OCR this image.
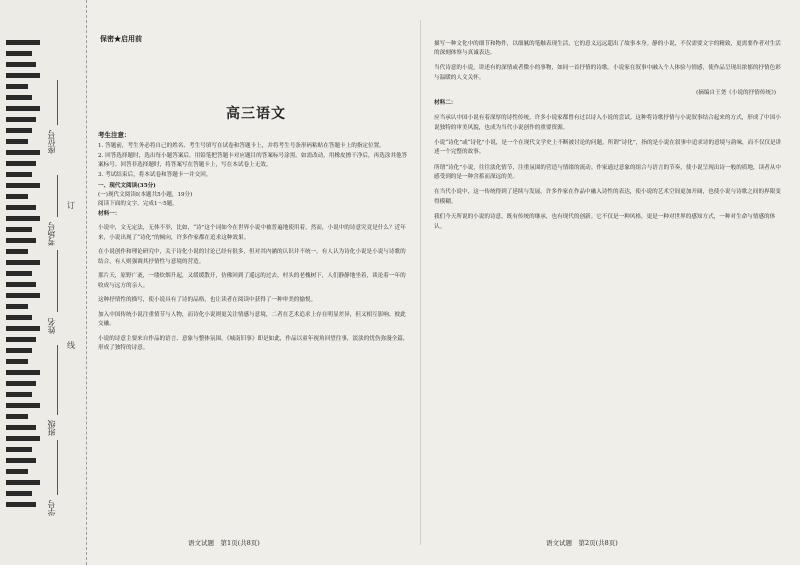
学号
班级
姓名
考场号
座位号
订
线
保密★启用前
高三语文
考生注意：
1. 答题前，考生务必将自己的姓名、考生号填写在试卷和答题卡上，并将考生号条形码粘贴在答题卡上的指定位置。
2. 回答选择题时，选出每小题答案后，用铅笔把答题卡对应题目的答案标号涂黑。如需改动，用橡皮擦干净后，再选涂其他答案标号。回答非选择题时，将答案写在答题卡上，写在本试卷上无效。
3. 考试结束后，将本试卷和答题卡一并交回。
一、现代文阅读(35分)
(一)现代文阅读Ⅰ(本题共5小题，19分)
阅读下面的文字，完成1～5题。
材料一：

小说中，文无定法，无体不举，比如，“诗”这个词如今在世界小说中被普遍地使用着，然而，小说中的诗意究竟是什么？近年来，小说出现了“诗化”的倾向，许多作家都在追求这种效果。

在小说创作和理论研究中，关于诗化小说的讨论已经有很多，但对其内涵的认识并不统一，有人认为诗化小说是小说与诗歌的结合，有人则强调其抒情性与意境的营造。

那片天，原野广袤，一缕炊烟升起，又缓缓散开，仿佛回到了遥远的过去。村头的老槐树下，人们静静地坐着，谈论着一年的收成与远方的亲人。

这种抒情性的描写，使小说具有了诗的品格，也让读者在阅读中获得了一种审美的愉悦。

加入中国传统小说注重情节与人物，而诗化小说则更关注情感与意境，二者在艺术追求上存在明显差异，但又相互影响、彼此交融。

小说的诗意主要来自作品的语言、意象与整体氛围。《城南旧事》即是如此，作品以童年视角回望往事，淡淡的忧伤弥漫全篇，形成了独特的诗意。

描写一种文化中的细节和物件，以细腻的笔触表现生活，它的意义远远超出了故事本身。静的小说，不仅需要文字的精致，更需要作者对生活的深刻体察与真诚表达。

当代诗意的小说，讲述有的深情或者微小的事物，如同一首抒情的诗歌。小说家在叙事中融入个人体验与情感，使作品呈现出浓郁的抒情色彩与温暖的人文关怀。

(摘编自王尧《小说的抒情传统》)
材料二：

应当承认中国小说有着深厚的诗性传统，许多小说家都曾有过以诗入小说的尝试。这种将诗歌抒情与小说叙事结合起来的方式，形成了中国小说独特的审美风貌，也成为当代小说创作的重要资源。

小说“诗化”或“诗化”小说，是一个在现代文学史上不断被讨论的问题。所谓“诗化”，指的是小说在叙事中追求诗的意境与韵味，而不仅仅是讲述一个完整的故事。

所谓“诗化”小说，往往淡化情节，注重氛围的营造与情绪的流动。作家通过意象的组合与语言的节奏，使小说呈现出诗一般的质地，读者从中感受到的是一种含蓄而深远的美。

在当代小说中，这一传统得到了延续与发展。许多作家在作品中融入诗性的表达，使小说的艺术空间更加开阔，也使小说与诗歌之间的界限变得模糊。

我们今天所说的小说的诗意，既有传统的继承，也有现代的创新。它不仅是一种风格，更是一种对世界的感知方式，一种对生命与情感的体认。

语文试题　第1页(共8页)	语文试题　第2页(共8页)
